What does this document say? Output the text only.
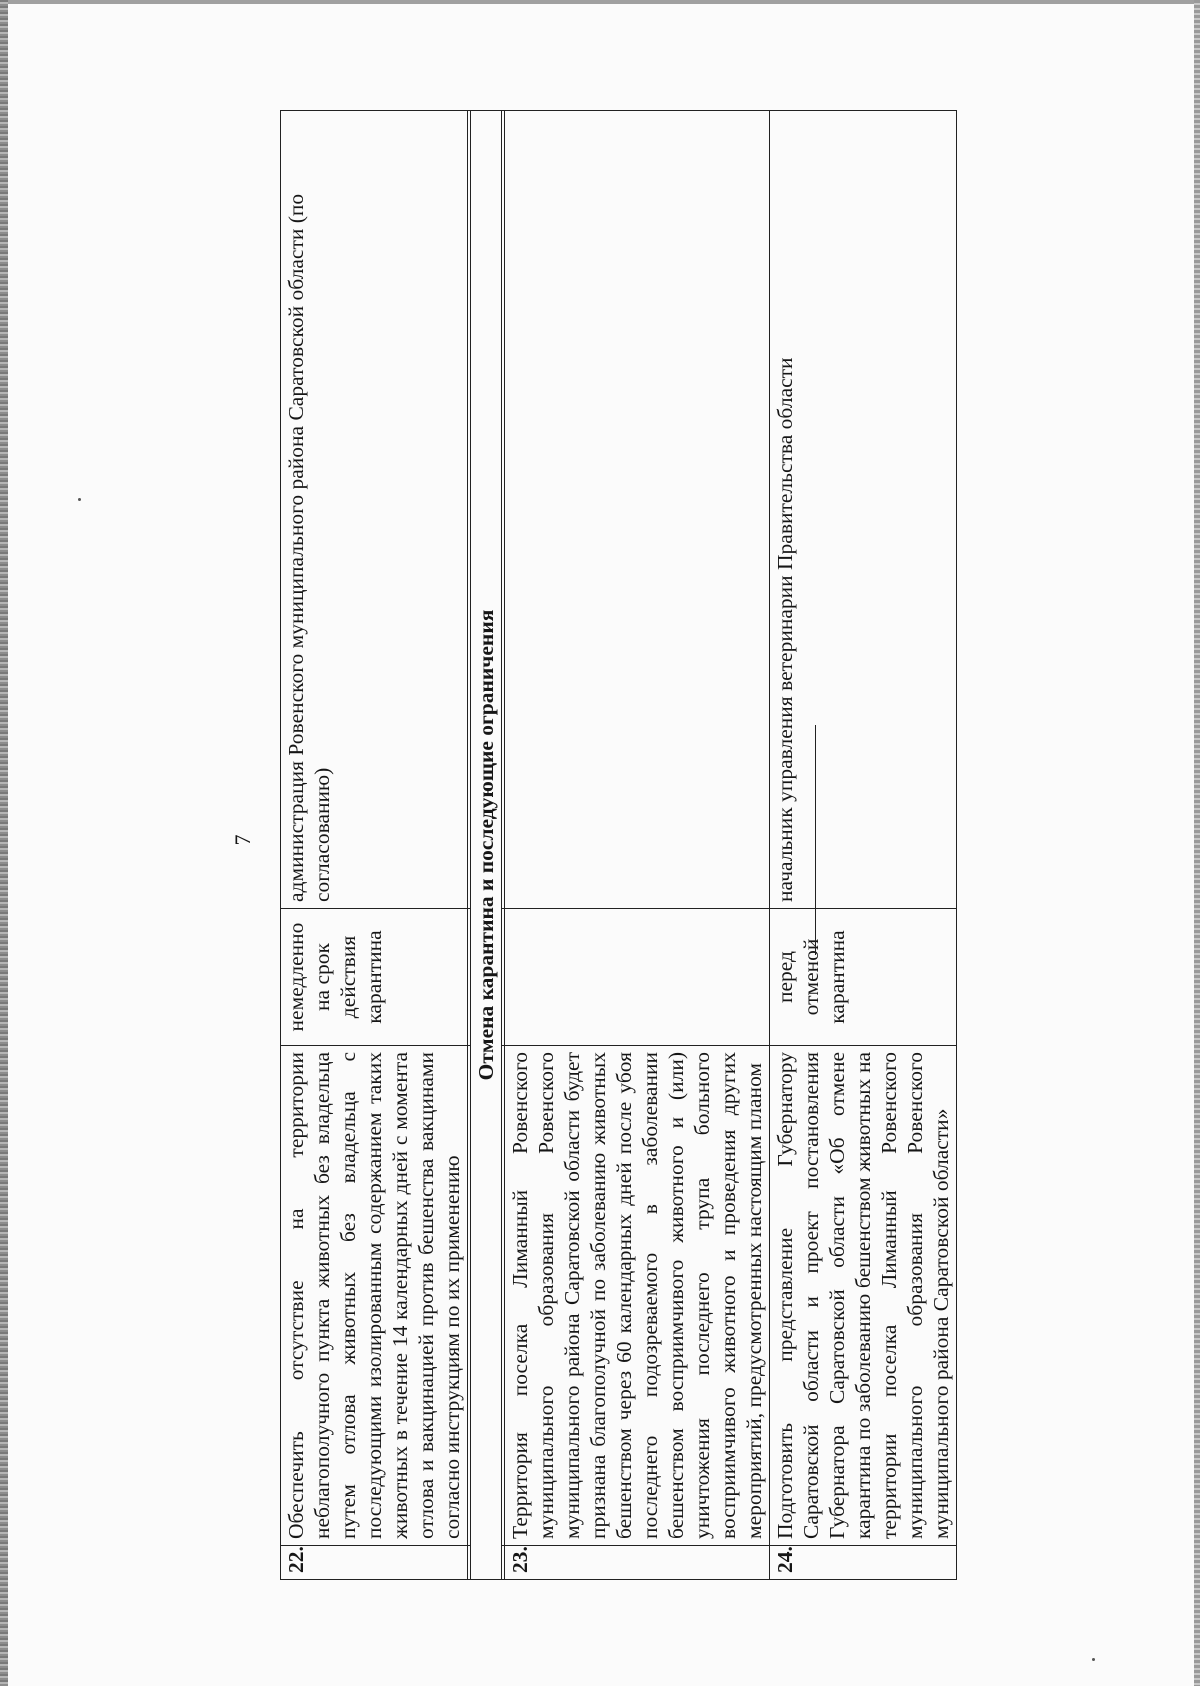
7
22.	Обеспечить отсутствие на территории неблагополучного пункта животных без владельца путем отлова животных без владельца с последующими изолированным содержанием таких животных в течение 14 календарных дней с момента отлова и вакцинацией против бешенства вакцинами согласно инструкциям по их применению	немедленно на срок действия карантина	администрация Ровенского муниципального района Саратовской области (по согласованию)

Отмена карантина и последующие ограничения			

23.	Территория поселка Лиманный Ровенского муниципального образования Ровенского муниципального района Саратовской области будет признана благополучной по заболеванию животных бешенством через 60 календарных дней после убоя последнего подозреваемого в заболевании бешенством восприимчивого животного и (или) уничтожения последнего трупа больного восприимчивого животного и проведения других мероприятий, предусмотренных настоящим планом		
24.	Подготовить представление Губернатору Саратовской области и проект постановления Губернатора Саратовской области «Об отмене карантина по заболеванию бешенством животных на территории поселка Лиманный Ровенского муниципального образования Ровенского муниципального района Саратовской области»	перед отменой карантина	начальник управления ветеринарии Правительства области
